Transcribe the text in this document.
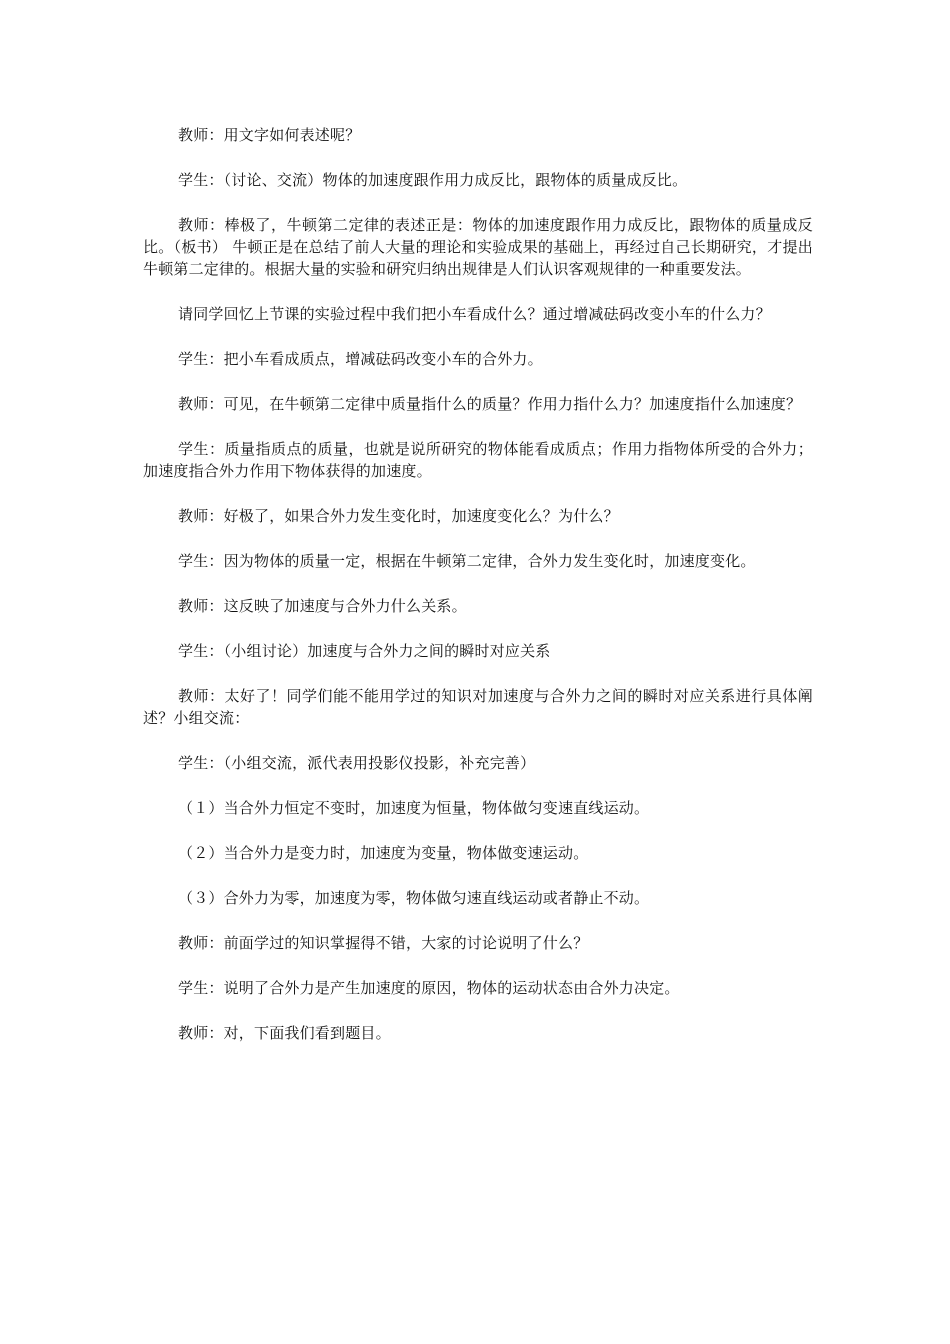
教师：用文字如何表述呢？

学生：（讨论、交流）物体的加速度跟作用力成反比，跟物体的质量成反比。

教师：棒极了，牛顿第二定律的表述正是：物体的加速度跟作用力成反比，跟物体的质量成反比。（板书） 牛顿正是在总结了前人大量的理论和实验成果的基础上，再经过自己长期研究，才提出牛顿第二定律的。根据大量的实验和研究归纳出规律是人们认识客观规律的一种重要发法。

请同学回忆上节课的实验过程中我们把小车看成什么？通过增减砝码改变小车的什么力？

学生：把小车看成质点，增减砝码改变小车的合外力。

教师：可见，在牛顿第二定律中质量指什么的质量？作用力指什么力？加速度指什么加速度？

学生：质量指质点的质量，也就是说所研究的物体能看成质点；作用力指物体所受的合外力；加速度指合外力作用下物体获得的加速度。

教师：好极了，如果合外力发生变化时，加速度变化么？为什么？

学生：因为物体的质量一定，根据在牛顿第二定律，合外力发生变化时，加速度变化。

教师：这反映了加速度与合外力什么关系。

学生：（小组讨论）加速度与合外力之间的瞬时对应关系

教师：太好了！同学们能不能用学过的知识对加速度与合外力之间的瞬时对应关系进行具体阐述？小组交流：

学生：（小组交流，派代表用投影仪投影，补充完善）

（１）当合外力恒定不变时，加速度为恒量，物体做匀变速直线运动。

（２）当合外力是变力时，加速度为变量，物体做变速运动。

（３）合外力为零，加速度为零，物体做匀速直线运动或者静止不动。

教师：前面学过的知识掌握得不错，大家的讨论说明了什么？

学生：说明了合外力是产生加速度的原因，物体的运动状态由合外力决定。

教师：对，下面我们看到题目。
